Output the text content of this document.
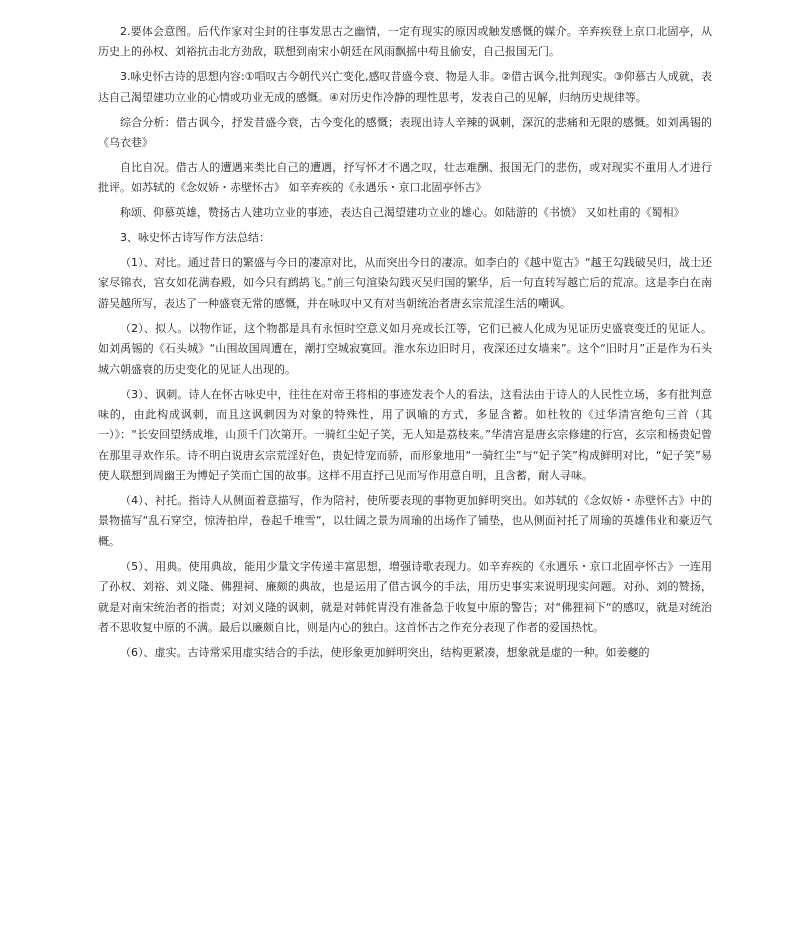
2.要体会意图。后代作家对尘封的往事发思古之幽情，一定有现实的原因或触发感慨的媒介。辛弃疾登上京口北固亭，从历史上的孙权、刘裕抗击北方劲敌，联想到南宋小朝廷在风雨飘摇中苟且偷安，自己报国无门。

3.咏史怀古诗的思想内容:①唱叹古今朝代兴亡变化,感叹昔盛今衰、物是人非。②借古讽今,批判现实。③仰慕古人成就，表达自己渴望建功立业的心情或功业无成的感慨。④对历史作冷静的理性思考，发表自己的见解，归纳历史规律等。

综合分析：借古讽今，抒发昔盛今衰，古今变化的感慨；表现出诗人辛辣的讽刺，深沉的悲痛和无限的感慨。如刘禹锡的《乌衣巷》

自比自况。借古人的遭遇来类比自己的遭遇，抒写怀才不遇之叹，壮志难酬、报国无门的悲伤，或对现实不重用人才进行批评。如苏轼的《念奴娇・赤壁怀古》 如辛弃疾的《永遇乐・京口北固亭怀古》

称颂、仰慕英雄，赞扬古人建功立业的事迹，表达自己渴望建功立业的雄心。如陆游的《书愤》 又如杜甫的《蜀相》

3、咏史怀古诗写作方法总结：

（1）、对比。通过昔日的繁盛与今日的凄凉对比，从而突出今日的凄凉。如李白的《越中览古》“越王勾践破吴归，战士还家尽锦衣，宫女如花满春殿，如今只有鹧鸪飞。”前三句渲染勾践灭吴归国的繁华，后一句直转写越亡后的荒凉。这是李白在南游吴越所写，表达了一种盛衰无常的感慨，并在咏叹中又有对当朝统治者唐玄宗荒淫生活的嘲讽。

（2）、拟人。以物作证，这个物都是具有永恒时空意义如月亮或长江等，它们已被人化成为见证历史盛衰变迁的见证人。如刘禹锡的《石头城》“山围故国周遭在，潮打空城寂寞回。淮水东边旧时月，夜深还过女墙来”。这个“旧时月”正是作为石头城六朝盛衰的历史变化的见证人出现的。

（3）、讽刺。诗人在怀古咏史中，往往在对帝王将相的事迹发表个人的看法，这看法由于诗人的人民性立场，多有批判意味的，由此构成讽刺，而且这讽刺因为对象的特殊性，用了讽喻的方式，多显含蓄。如杜牧的《过华清宫绝句三首（其一）》：“长安回望绣成堆，山顶千门次第开。一骑红尘妃子笑，无人知是荔枝来。”华清宫是唐玄宗修建的行宫，玄宗和杨贵妃曾在那里寻欢作乐。诗不明白说唐玄宗荒淫好色，贵妃恃宠而骄，而形象地用“一骑红尘”与“妃子笑”构成鲜明对比，“妃子笑”易使人联想到周幽王为博妃子笑而亡国的故事。这样不用直抒己见而写作用意自明，且含蓄，耐人寻味。

（4）、衬托。指诗人从侧面着意描写，作为陪衬，使所要表现的事物更加鲜明突出。如苏轼的《念奴娇・赤壁怀古》中的景物描写“乱石穿空，惊涛拍岸，卷起千堆雪”，以壮阔之景为周瑜的出场作了铺垫，也从侧面衬托了周瑜的英雄伟业和豪迈气概。

（5）、用典。使用典故，能用少量文字传递丰富思想，增强诗歌表现力。如辛弃疾的《永遇乐・京口北固亭怀古》一连用了孙权、刘裕、刘义隆、佛狸祠、廉颇的典故，也是运用了借古讽今的手法，用历史事实来说明现实问题。对孙、刘的赞扬，就是对南宋统治者的指责；对刘义隆的讽刺，就是对韩侂胄没有准备急于收复中原的警告；对“佛狸祠下“的感叹，就是对统治者不思收复中原的不满。最后以廉颇自比，则是内心的独白。这首怀古之作充分表现了作者的爱国热忱。

（6）、虚实。古诗常采用虚实结合的手法，使形象更加鲜明突出，结构更紧凑，想象就是虚的一种。如姜夔的
